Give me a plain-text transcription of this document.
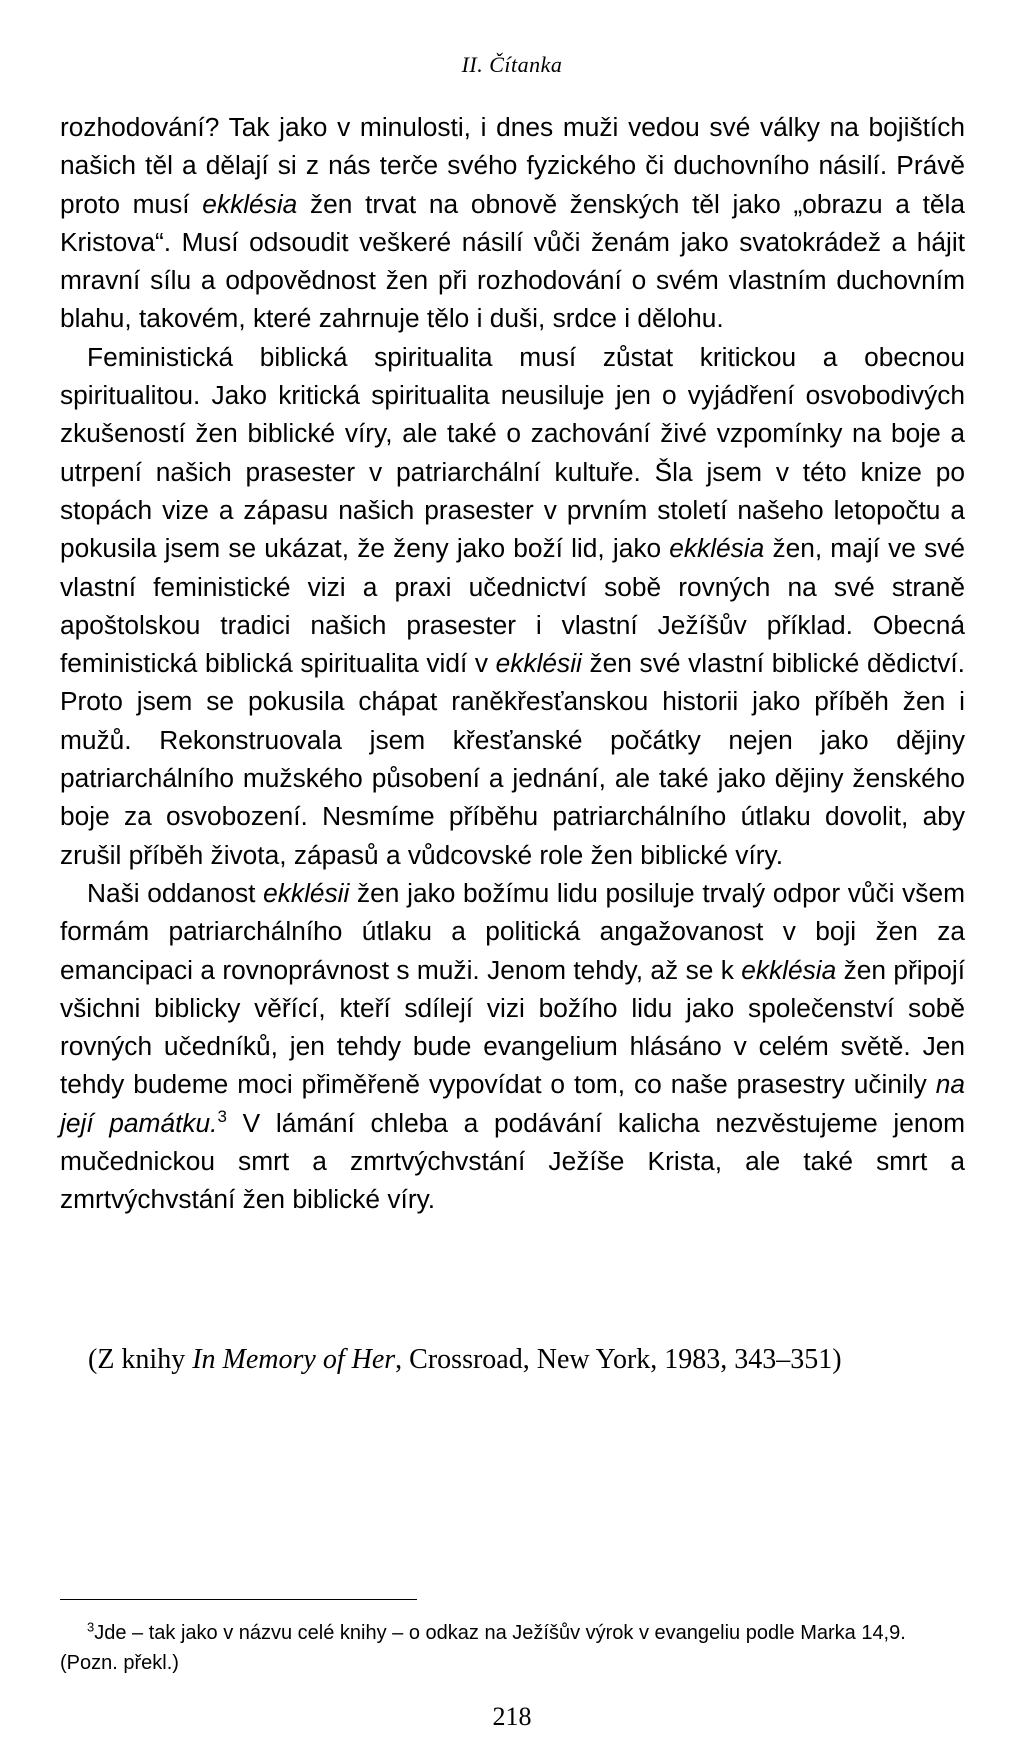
II. Čítanka

rozhodování? Tak jako v minulosti, i dnes muži vedou své války na bojištích našich těl a dělají si z nás terče svého fyzického či duchovního násilí. Právě proto musí ekklésia žen trvat na obnově ženských těl jako „obrazu a těla Kristova“. Musí odsoudit veškeré násilí vůči ženám jako svatokrádež a hájit mravní sílu a odpovědnost žen při rozhodování o svém vlastním duchovním blahu, takovém, které zahrnuje tělo i duši, srdce i dělohu.

Feministická biblická spiritualita musí zůstat kritickou a obecnou spiritualitou. Jako kritická spiritualita neusiluje jen o vyjádření osvobodivých zkušeností žen biblické víry, ale také o zachování živé vzpomínky na boje a utrpení našich prasester v patriarchální kultuře. Šla jsem v této knize po stopách vize a zápasu našich prasester v prvním století našeho letopočtu a pokusila jsem se ukázat, že ženy jako boží lid, jako ekklésia žen, mají ve své vlastní feministické vizi a praxi učednictví sobě rovných na své straně apoštolskou tradici našich prasester i vlastní Ježíšův příklad. Obecná feministická biblická spiritualita vidí v ekklésii žen své vlastní biblické dědictví. Proto jsem se pokusila chápat raněkřesťanskou historii jako příběh žen i mužů. Rekonstruovala jsem křesťanské počátky nejen jako dějiny patriarchálního mužského působení a jednání, ale také jako dějiny ženského boje za osvobození. Nesmíme příběhu patriarchálního útlaku dovolit, aby zrušil příběh života, zápasů a vůdcovské role žen biblické víry.

Naši oddanost ekklésii žen jako božímu lidu posiluje trvalý odpor vůči všem formám patriarchálního útlaku a politická angažovanost v boji žen za emancipaci a rovnoprávnost s muži. Jenom tehdy, až se k ekklésia žen připojí všichni biblicky věřící, kteří sdílejí vizi božího lidu jako společenství sobě rovných učedníků, jen tehdy bude evangelium hlásáno v celém světě. Jen tehdy budeme moci přiměřeně vypovídat o tom, co naše prasestry učinily na její památku.$^3$ V lámání chleba a podávání kalicha nezvěstujeme jenom mučednickou smrt a zmrtvýchvstání Ježíše Krista, ale také smrt a zmrtvýchvstání žen biblické víry.

(Z knihy In Memory of Her, Crossroad, New York, 1983, 343–351)

$^3$Jde – tak jako v názvu celé knihy – o odkaz na Ježíšův výrok v evangeliu podle Marka 14,9. (Pozn. překl.)

218
